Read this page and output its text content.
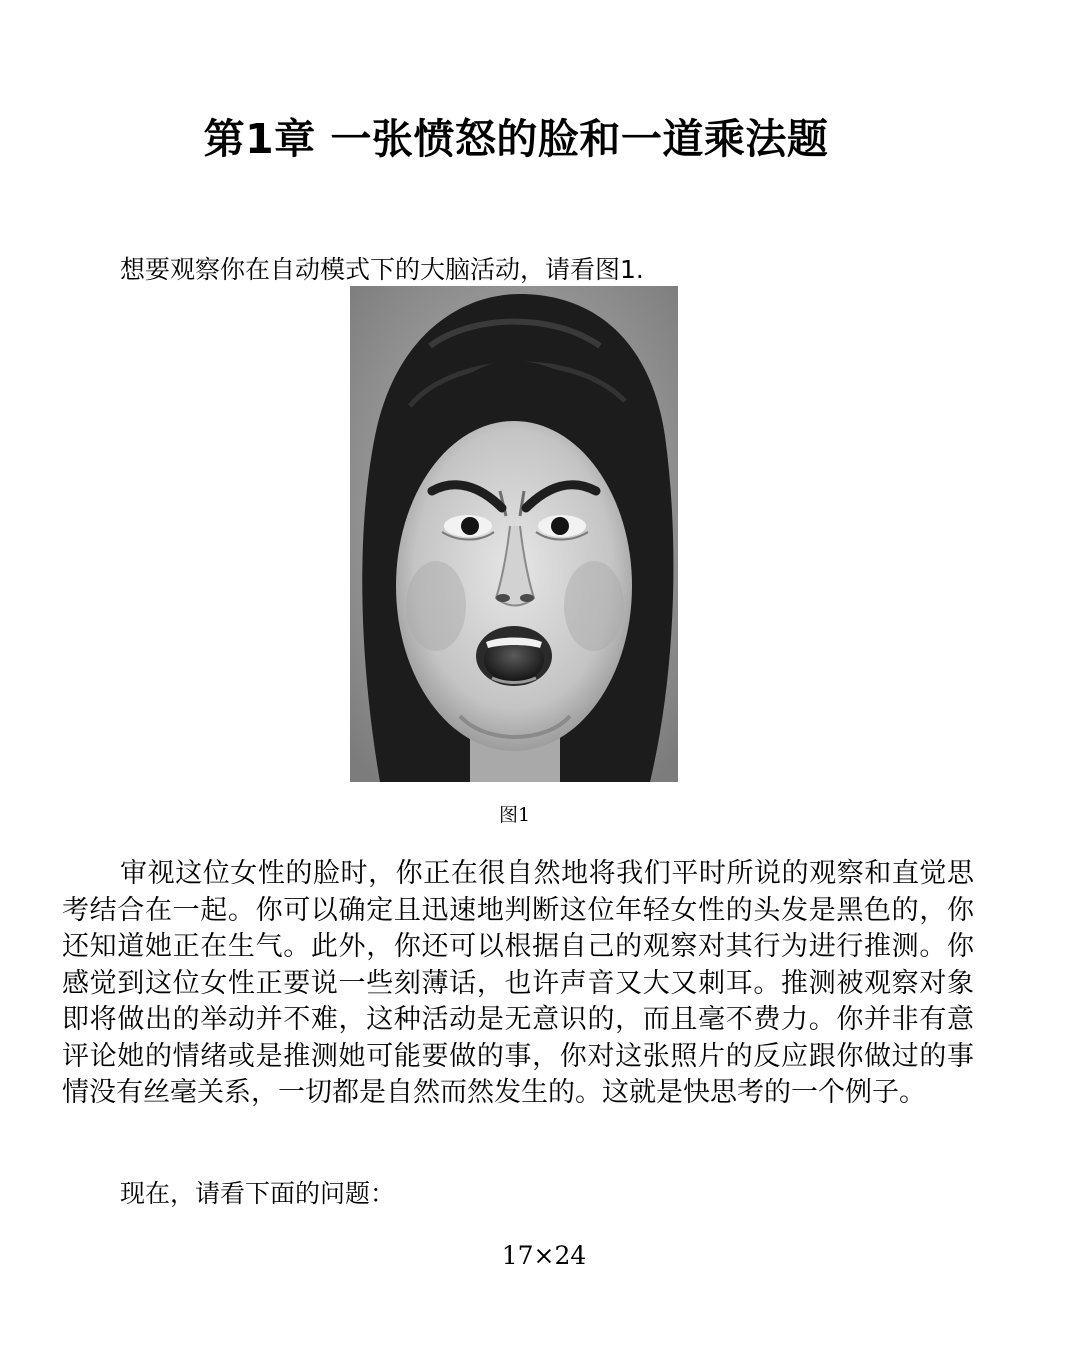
第1章 一张愤怒的脸和一道乘法题

想要观察你在自动模式下的大脑活动，请看图1.

图1

审视这位女性的脸时，你正在很自然地将我们平时所说的观察和直觉思考结合在一起。你可以确定且迅速地判断这位年轻女性的头发是黑色的，你还知道她正在生气。此外，你还可以根据自己的观察对其行为进行推测。你感觉到这位女性正要说一些刻薄话，也许声音又大又刺耳。推测被观察对象即将做出的举动并不难，这种活动是无意识的，而且毫不费力。你并非有意评论她的情绪或是推测她可能要做的事，你对这张照片的反应跟你做过的事情没有丝毫关系，一切都是自然而然发生的。这就是快思考的一个例子。

现在，请看下面的问题：

17×24
